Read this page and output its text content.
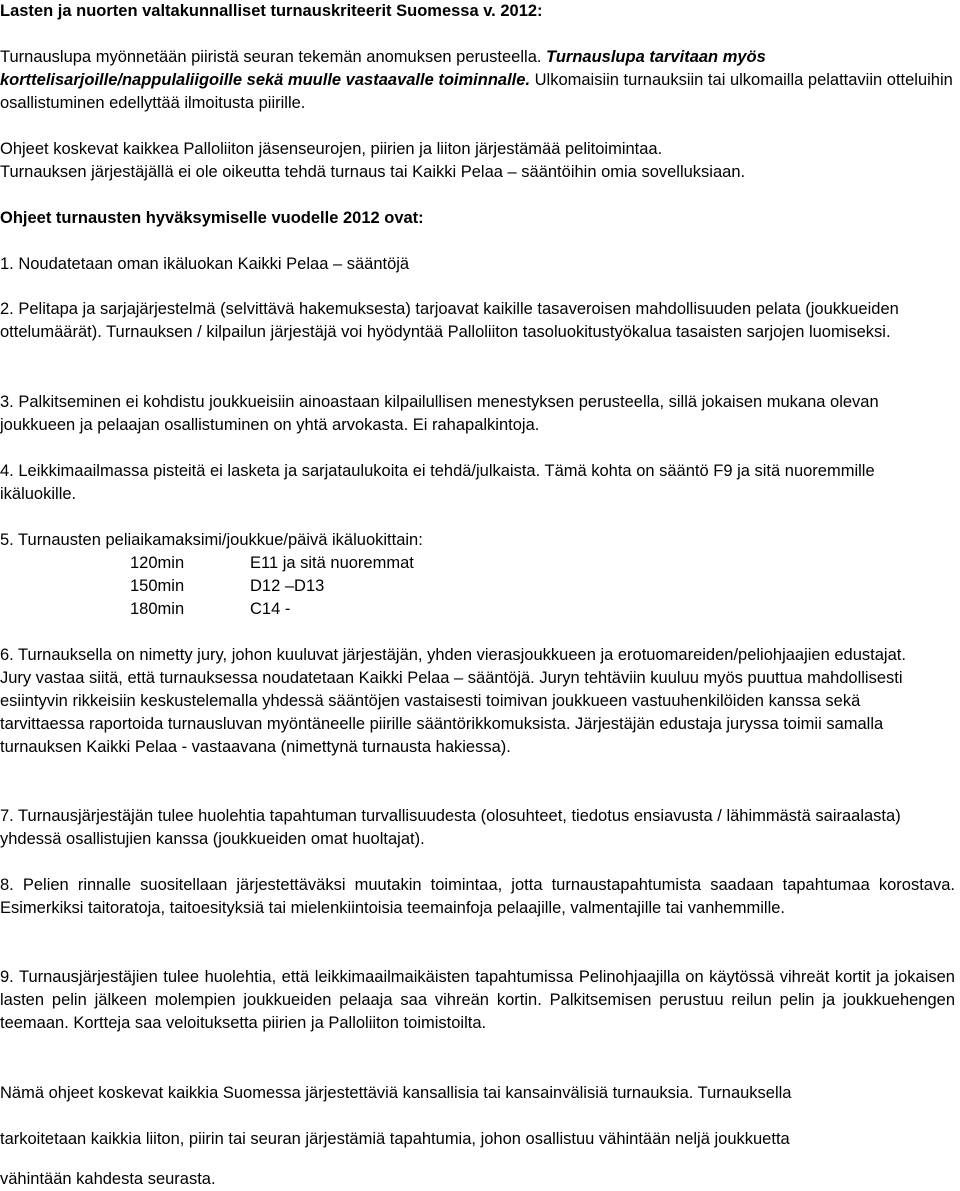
Lasten ja nuorten valtakunnalliset turnauskriteerit Suomessa v. 2012:

Turnauslupa myönnetään piiristä seuran tekemän anomuksen perusteella. Turnauslupa tarvitaan myös korttelisarjoille/nappulaliigoille sekä muulle vastaavalle toiminnalle. Ulkomaisiin turnauksiin tai ulkomailla pelattaviin otteluihin osallistuminen edellyttää ilmoitusta piirille.

Ohjeet koskevat kaikkea Palloliiton jäsenseurojen, piirien ja liiton järjestämää pelitoimintaa.

Turnauksen järjestäjällä ei ole oikeutta tehdä turnaus tai Kaikki Pelaa – sääntöihin omia sovelluksiaan.

Ohjeet turnausten hyväksymiselle vuodelle 2012 ovat:

1. Noudatetaan oman ikäluokan Kaikki Pelaa – sääntöjä

2. Pelitapa ja sarjajärjestelmä (selvittävä hakemuksesta) tarjoavat kaikille tasaveroisen mahdollisuuden pelata (joukkueiden ottelumäärät). Turnauksen / kilpailun järjestäjä voi hyödyntää Palloliiton tasoluokitustyökalua tasaisten sarjojen luomiseksi.

3. Palkitseminen ei kohdistu joukkueisiin ainoastaan kilpailullisen menestyksen perusteella, sillä jokaisen mukana olevan joukkueen ja pelaajan osallistuminen on yhtä arvokasta. Ei rahapalkintoja.

4. Leikkimaailmassa pisteitä ei lasketa ja sarjataulukoita ei tehdä/julkaista. Tämä kohta on sääntö F9 ja sitä nuoremmille ikäluokille.

5. Turnausten peliaikamaksimi/joukkue/päivä ikäluokittain:

120min	E11 ja sitä nuoremmat
150min	D12 –D13
180min	C14 -

6. Turnauksella on nimetty jury, johon kuuluvat järjestäjän, yhden vierasjoukkueen ja erotuomareiden/peliohjaajien edustajat. Jury vastaa siitä, että turnauksessa noudatetaan Kaikki Pelaa – sääntöjä. Juryn tehtäviin kuuluu myös puuttua mahdollisesti esiintyvin rikkeisiin keskustelemalla yhdessä sääntöjen vastaisesti toimivan joukkueen vastuuhenkilöiden kanssa sekä tarvittaessa raportoida turnausluvan myöntäneelle piirille sääntörikkomuksista. Järjestäjän edustaja juryssa toimii samalla turnauksen Kaikki Pelaa - vastaavana (nimettynä turnausta hakiessa).

7. Turnausjärjestäjän tulee huolehtia tapahtuman turvallisuudesta (olosuhteet, tiedotus ensiavusta / lähimmästä sairaalasta) yhdessä osallistujien kanssa (joukkueiden omat huoltajat).

8. Pelien rinnalle suositellaan järjestettäväksi muutakin toimintaa, jotta turnaustapahtumista saadaan tapahtumaa korostava. Esimerkiksi taitoratoja, taitoesityksiä tai mielenkiintoisia teemainfoja pelaajille, valmentajille tai vanhemmille.

9. Turnausjärjestäjien tulee huolehtia, että leikkimaailmaikäisten tapahtumissa Pelinohjaajilla on käytössä vihreät kortit ja jokaisen lasten pelin jälkeen molempien joukkueiden pelaaja saa vihreän kortin. Palkitsemisen perustuu reilun pelin ja joukkuehengen teemaan. Kortteja saa veloituksetta piirien ja Palloliiton toimistoilta.

Nämä ohjeet koskevat kaikkia Suomessa järjestettäviä kansallisia tai kansainvälisiä turnauksia. Turnauksella

tarkoitetaan kaikkia liiton, piirin tai seuran järjestämiä tapahtumia, johon osallistuu vähintään neljä joukkuetta

vähintään kahdesta seurasta.
